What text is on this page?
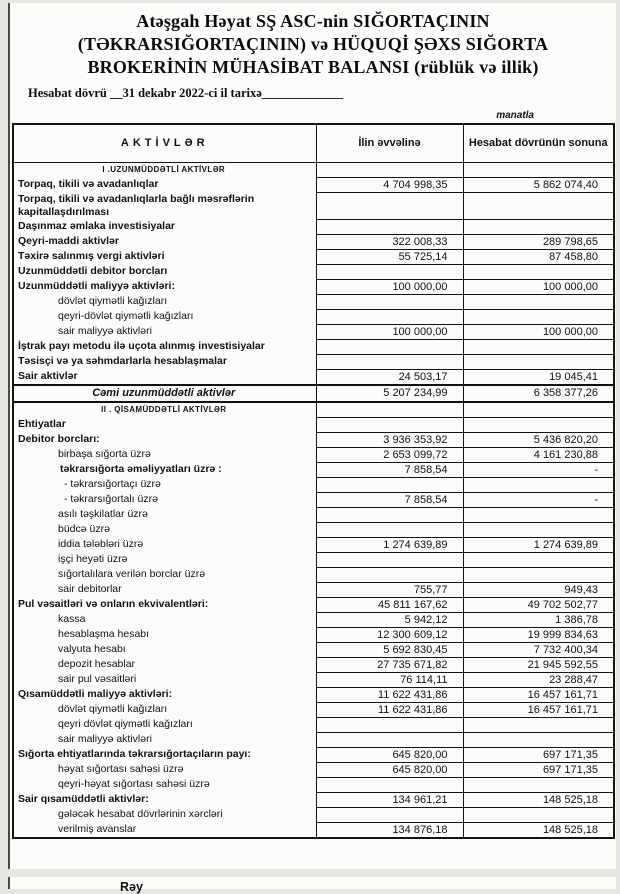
Atəşgah Həyat SŞ ASC-nin SIĞORTAÇININ
(TƏKRARSIĞORTAÇININ) və HÜQUQİ ŞƏXS SIĞORTA
BROKERİNİN MÜHASİBAT BALANSI (rüblük və illik)
Hesabat dövrü __31 dekabr 2022-ci il tarixə_____________
manatla
AKTİVLƏR	İlin əvvəlinə	Hesabat dövrünün sonuna
I .UZUNMÜDDƏTLİ AKTİVLƏR		
Torpaq, tikili və avadanlıqlar	4 704 998,35	5 862 074,40
Torpaq, tikili və avadanlıqlarla bağlı məsrəflərin kapitallaşdırılması		
Daşınmaz əmlaka investisiyalar		
Qeyri-maddi aktivlər	322 008,33	289 798,65
Təxirə salınmış vergi aktivləri	55 725,14	87 458,80
Uzunmüddətli debitor borcları		
Uzunmüddətli maliyyə aktivləri:	100 000,00	100 000,00
dövlət qiymətli kağızları		
qeyri-dövlət qiymətli kağızları		
sair maliyyə aktivləri	100 000,00	100 000,00
İştrak payı metodu ilə uçota alınmış investisiyalar		
Təsisçi və ya səhmdarlarla hesablaşmalar		
Sair aktivlər	24 503,17	19 045,41
Cəmi uzunmüddətli aktivlər	5 207 234,99	6 358 377,26
II . QİSAMÜDDƏTLİ AKTİVLƏR		
Ehtiyatlar		
Debitor borcları:	3 936 353,92	5 436 820,20
birbaşa sığorta üzrə	2 653 099,72	4 161 230,88
təkrarsığorta əməliyyatları üzrə :	7 858,54	-
- təkrarsığortaçı üzrə		
- təkrarsığortalı üzrə	7 858,54	-
asılı təşkilatlar üzrə		
büdcə üzrə		
iddia tələbləri üzrə	1 274 639,89	1 274 639,89
işçi heyəti üzrə		
sığortalılara verilən borclar üzrə		
sair debitorlar	755,77	949,43
Pul vəsaitləri və onların ekvivalentləri:	45 811 167,62	49 702 502,77
kassa	5 942,12	1 386,78
hesablaşma hesabı	12 300 609,12	19 999 834,63
valyuta hesabı	5 692 830,45	7 732 400,34
depozit hesablar	27 735 671,82	21 945 592,55
sair pul vəsaitləri	76 114,11	23 288,47
Qısamüddətli maliyyə aktivləri:	11 622 431,86	16 457 161,71
dövlət qiymətli kağızları	11 622 431,86	16 457 161,71
qeyri dövlət qiymətli kağızları		
sair maliyyə aktivləri		
Sığorta ehtiyatlarında təkrarsığortaçıların payı:	645 820,00	697 171,35
həyat sığortası sahəsi üzrə	645 820,00	697 171,35
qeyri-həyat sığortası sahəsi üzrə		
Sair qısamüddətli aktivlər:	134 961,21	148 525,18
gələcək hesabat dövrlərinin xərcləri		
verilmiş avanslar	134 876,18	148 525,18
Rəy
